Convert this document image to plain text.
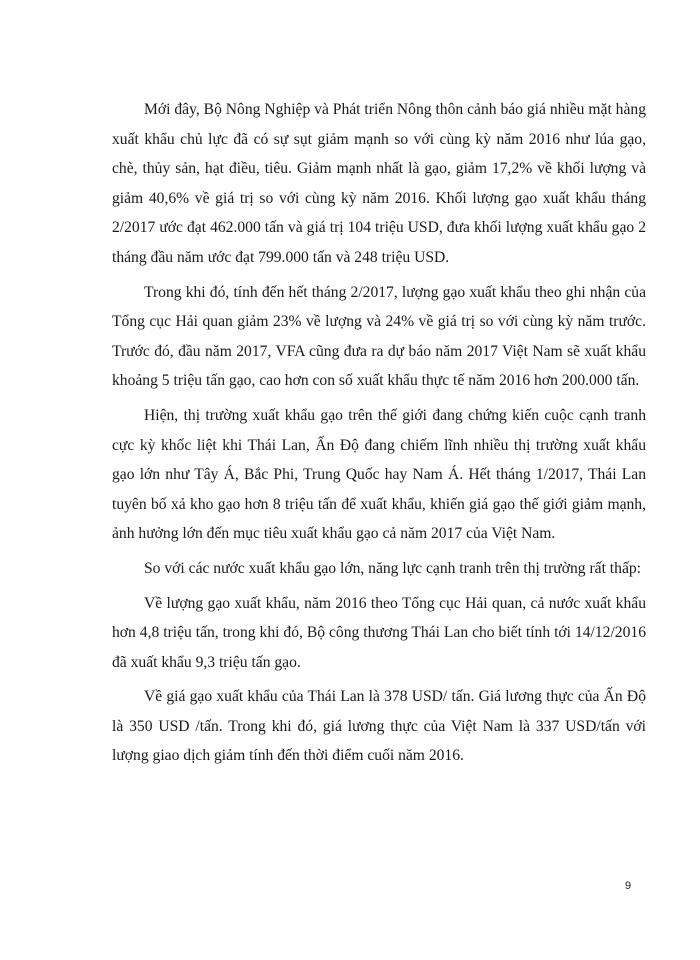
Mới đây, Bộ Nông Nghiệp và Phát triển Nông thôn cảnh báo giá nhiều mặt hàng xuất khẩu chủ lực đã có sự sụt giảm mạnh so với cùng kỳ năm 2016 như lúa gạo, chè, thủy sản, hạt điều, tiêu. Giảm mạnh nhất là gạo, giảm 17,2% về khối lượng và giảm 40,6% về giá trị so với cùng kỳ năm 2016. Khối lượng gạo xuất khẩu tháng 2/2017 ước đạt 462.000 tấn và giá trị 104 triệu USD, đưa khối lượng xuất khẩu gạo 2 tháng đầu năm ước đạt 799.000 tấn và 248 triệu USD.

Trong khi đó, tính đến hết tháng 2/2017, lượng gạo xuất khẩu theo ghi nhận của Tổng cục Hải quan giảm 23% về lượng và 24% về giá trị so với cùng kỳ năm trước. Trước đó, đầu năm 2017, VFA cũng đưa ra dự báo năm 2017 Việt Nam sẽ xuất khẩu khoảng 5 triệu tấn gạo, cao hơn con số xuất khẩu thực tế năm 2016 hơn 200.000 tấn.

Hiện, thị trường xuất khẩu gạo trên thế giới đang chứng kiến cuộc cạnh tranh cực kỳ khốc liệt khi Thái Lan, Ấn Độ đang chiếm lĩnh nhiều thị trường xuất khẩu gạo lớn như Tây Á, Bắc Phi, Trung Quốc hay Nam Á. Hết tháng 1/2017, Thái Lan tuyên bố xả kho gạo hơn 8 triệu tấn để xuất khẩu, khiến giá gạo thế giới giảm mạnh, ảnh hưởng lớn đến mục tiêu xuất khẩu gạo cả năm 2017 của Việt Nam.

So với các nước xuất khẩu gạo lớn, năng lực cạnh tranh trên thị trường rất thấp:

Về lượng gạo xuất khẩu, năm 2016 theo Tổng cục Hải quan, cả nước xuất khẩu hơn 4,8 triệu tấn, trong khi đó, Bộ công thương Thái Lan cho biết tính tới 14/12/2016 đã xuất khẩu 9,3 triệu tấn gạo.

Về giá gạo xuất khẩu của Thái Lan là 378 USD/ tấn. Giá lương thực của Ấn Độ là 350 USD /tấn. Trong khi đó, giá lương thực của Việt Nam là 337 USD/tấn với lượng giao dịch giảm tính đến thời điểm cuối năm 2016.

9
